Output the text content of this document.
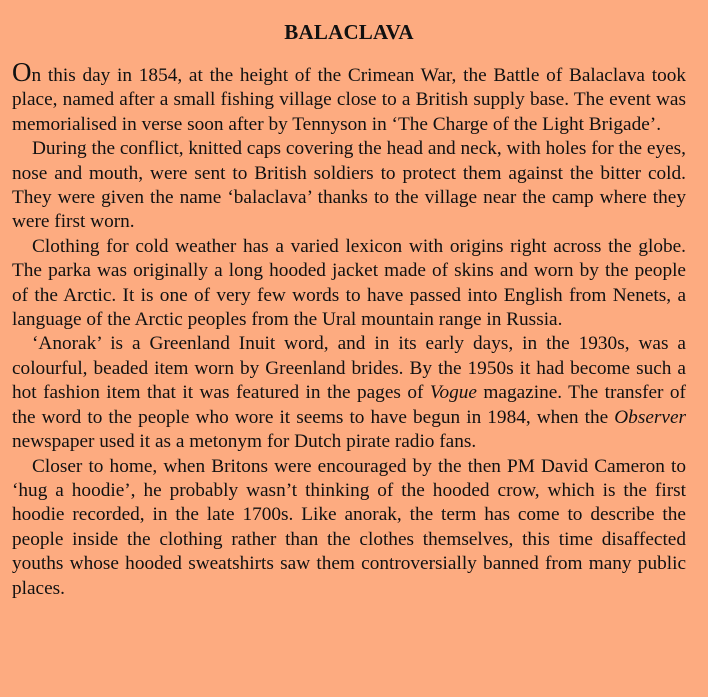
BALACLAVA

On this day in 1854, at the height of the Crimean War, the Battle of Balaclava took place, named after a small fishing village close to a British supply base. The event was memorialised in verse soon after by Tennyson in ‘The Charge of the Light Brigade’.

During the conflict, knitted caps covering the head and neck, with holes for the eyes, nose and mouth, were sent to British soldiers to protect them against the bitter cold. They were given the name ‘balaclava’ thanks to the village near the camp where they were first worn.

Clothing for cold weather has a varied lexicon with origins right across the globe. The parka was originally a long hooded jacket made of skins and worn by the people of the Arctic. It is one of very few words to have passed into English from Nenets, a language of the Arctic peoples from the Ural mountain range in Russia.

‘Anorak’ is a Greenland Inuit word, and in its early days, in the 1930s, was a colourful, beaded item worn by Greenland brides. By the 1950s it had become such a hot fashion item that it was featured in the pages of Vogue magazine. The transfer of the word to the people who wore it seems to have begun in 1984, when the Observer newspaper used it as a metonym for Dutch pirate radio fans.

Closer to home, when Britons were encouraged by the then PM David Cameron to ‘hug a hoodie’, he probably wasn’t thinking of the hooded crow, which is the first hoodie recorded, in the late 1700s. Like anorak, the term has come to describe the people inside the clothing rather than the clothes themselves, this time disaffected youths whose hooded sweatshirts saw them controversially banned from many public places.
